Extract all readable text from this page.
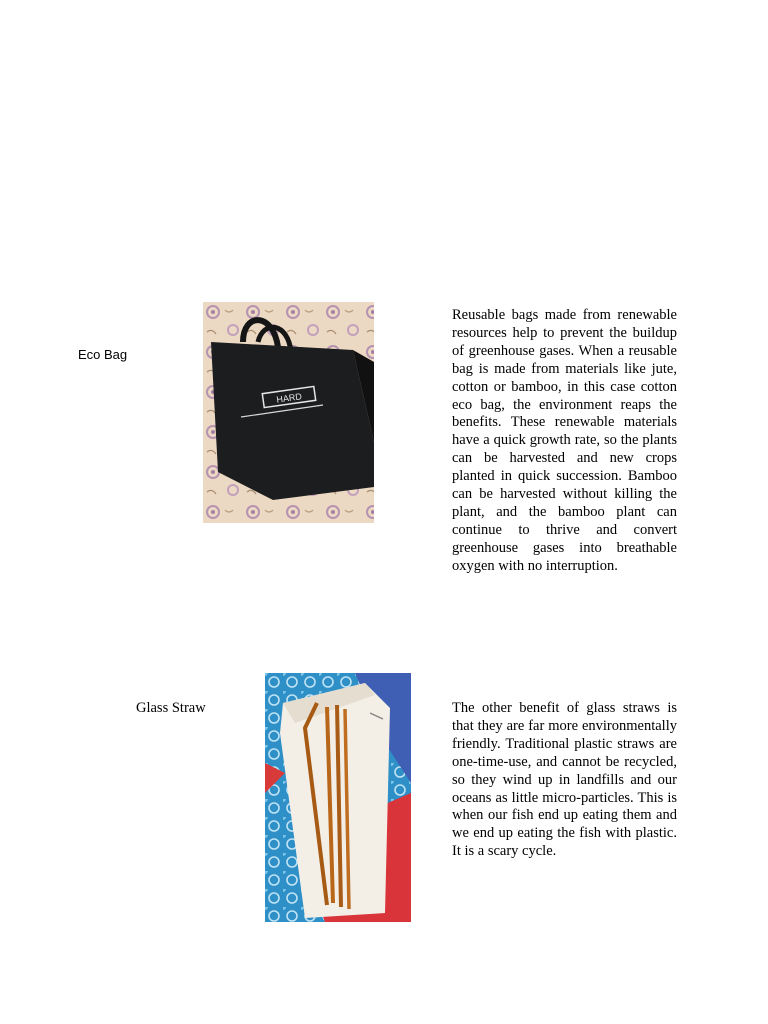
Eco Bag
HARD

Reusable bags made from renewable resources help to prevent the buildup of greenhouse gases. When a reusable bag is made from materials like jute, cotton or bamboo, in this case cotton eco bag, the environment reaps the benefits. These renewable materials have a quick growth rate, so the plants can be harvested and new crops planted in quick succession. Bamboo can be harvested without killing the plant, and the bamboo plant can continue to thrive and convert greenhouse gases into breathable oxygen with no interruption.

Glass Straw	The other benefit of glass straws is that they are far more environmentally friendly. Traditional plastic straws are one-time-use, and cannot be recycled, so they wind up in landfills and our oceans as little micro-particles. This is when our fish end up eating them and we end up eating the fish with plastic. It is a scary cycle.
